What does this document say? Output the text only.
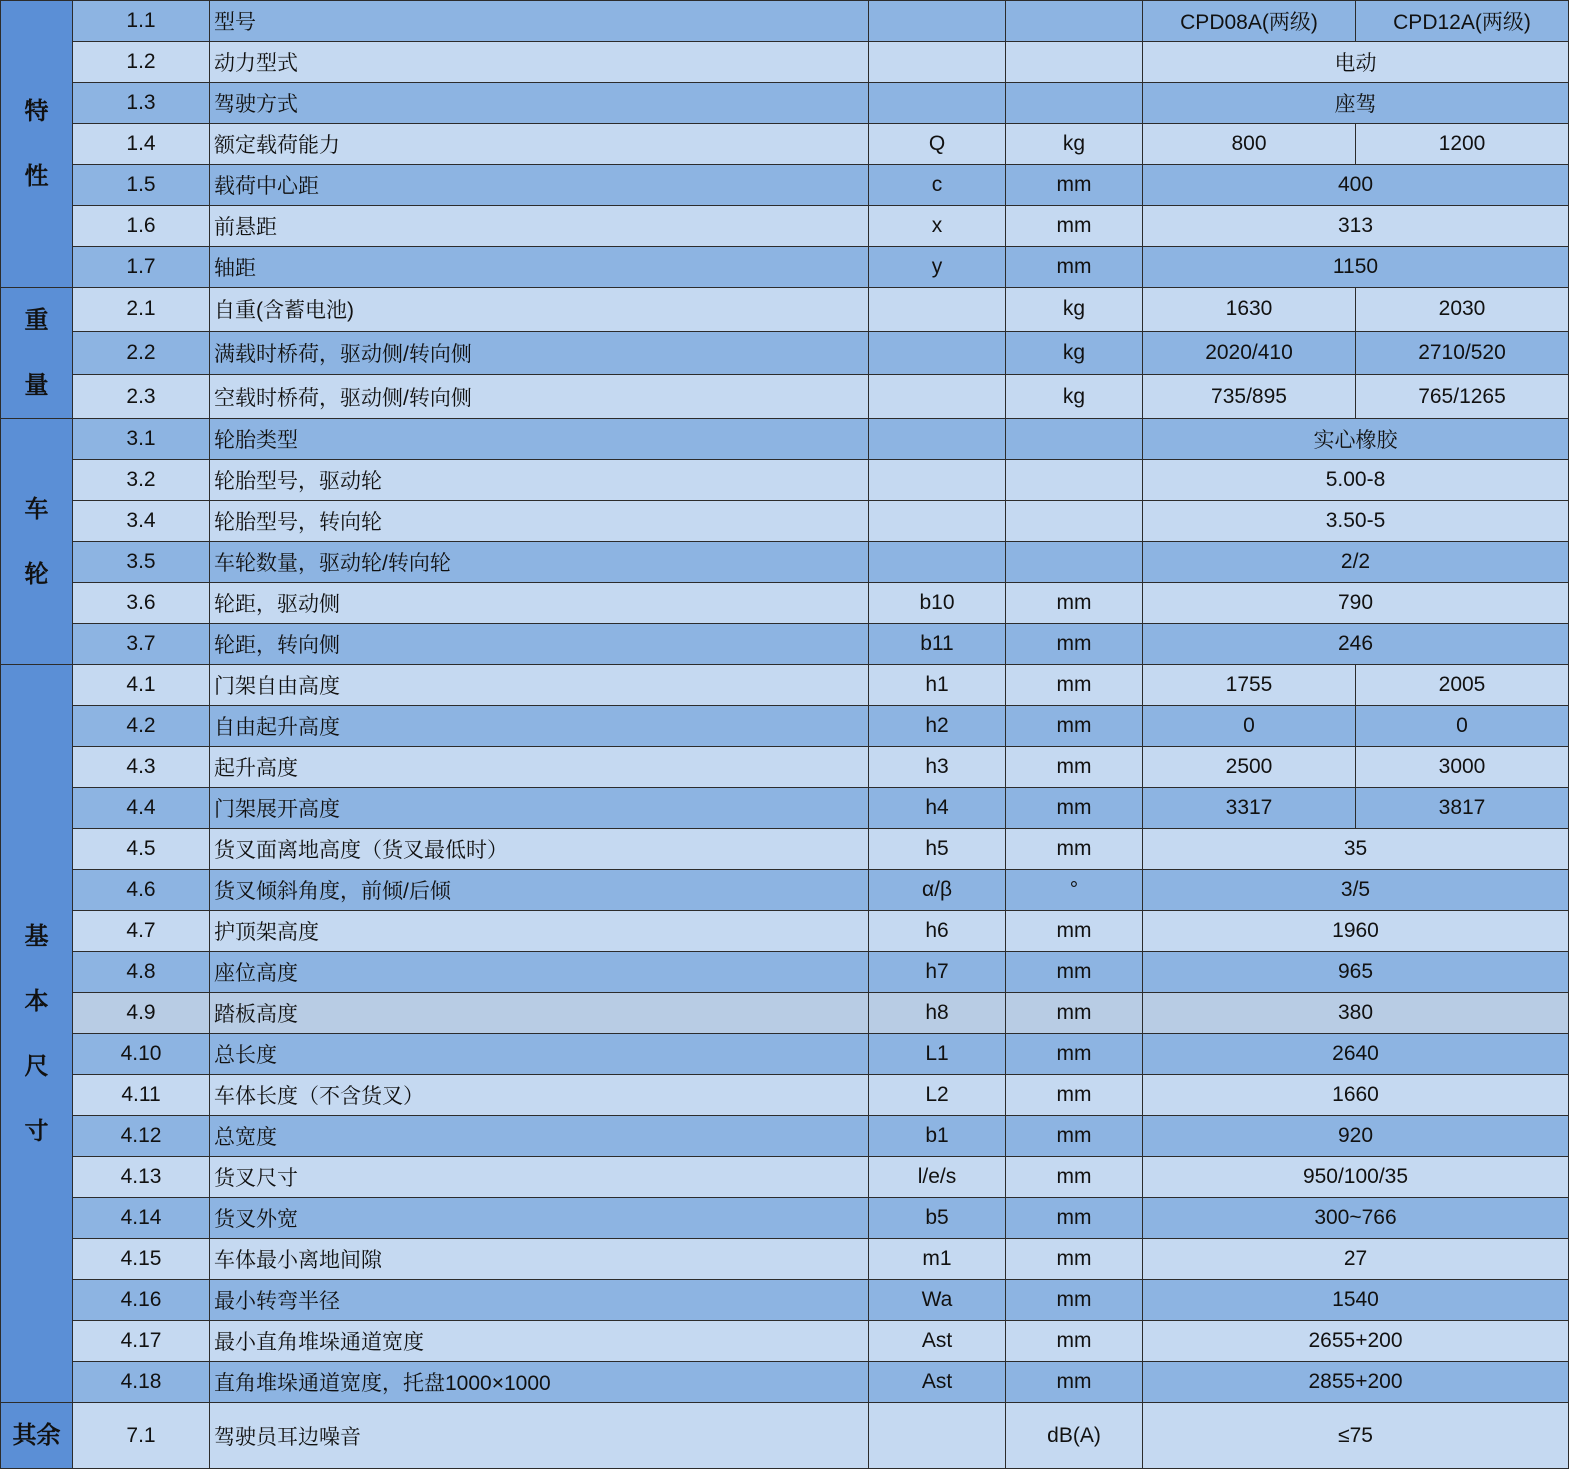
特
性	1.1	型号			CPD08A(两级)	CPD12A(两级)
	1.2	动力型式			电动	
	1.3	驾驶方式			座驾	
	1.4	额定载荷能力	Q	kg	800	1200
	1.5	载荷中心距	c	mm	400	
	1.6	前悬距	x	mm	313	
	1.7	轴距	y	mm	1150	
重
量	2.1	自重(含蓄电池)		kg	1630	2030
	2.2	满载时桥荷，驱动侧/转向侧		kg	2020/410	2710/520
	2.3	空载时桥荷，驱动侧/转向侧		kg	735/895	765/1265
车
轮	3.1	轮胎类型			实心橡胶	
	3.2	轮胎型号，驱动轮			5.00-8	
	3.4	轮胎型号，转向轮			3.50-5	
	3.5	车轮数量，驱动轮/转向轮			2/2	
	3.6	轮距，驱动侧	b10	mm	790	
	3.7	轮距，转向侧	b11	mm	246	
基
本
尺
寸	4.1	门架自由高度	h1	mm	1755	2005
	4.2	自由起升高度	h2	mm	0	0
	4.3	起升高度	h3	mm	2500	3000
	4.4	门架展开高度	h4	mm	3317	3817
	4.5	货叉面离地高度（货叉最低时）	h5	mm	35	
	4.6	货叉倾斜角度，前倾/后倾	α/β	°	3/5	
	4.7	护顶架高度	h6	mm	1960	
	4.8	座位高度	h7	mm	965	
	4.9	踏板高度	h8	mm	380	
	4.10	总长度	L1	mm	2640	
	4.11	车体长度（不含货叉）	L2	mm	1660	
	4.12	总宽度	b1	mm	920	
	4.13	货叉尺寸	l/e/s	mm	950/100/35	
	4.14	货叉外宽	b5	mm	300~766	
	4.15	车体最小离地间隙	m1	mm	27	
	4.16	最小转弯半径	Wa	mm	1540	
	4.17	最小直角堆垛通道宽度	Ast	mm	2655+200	
	4.18	直角堆垛通道宽度，托盘1000×1000	Ast	mm	2855+200	
其余	7.1	驾驶员耳边噪音		dB(A)	≤75	
